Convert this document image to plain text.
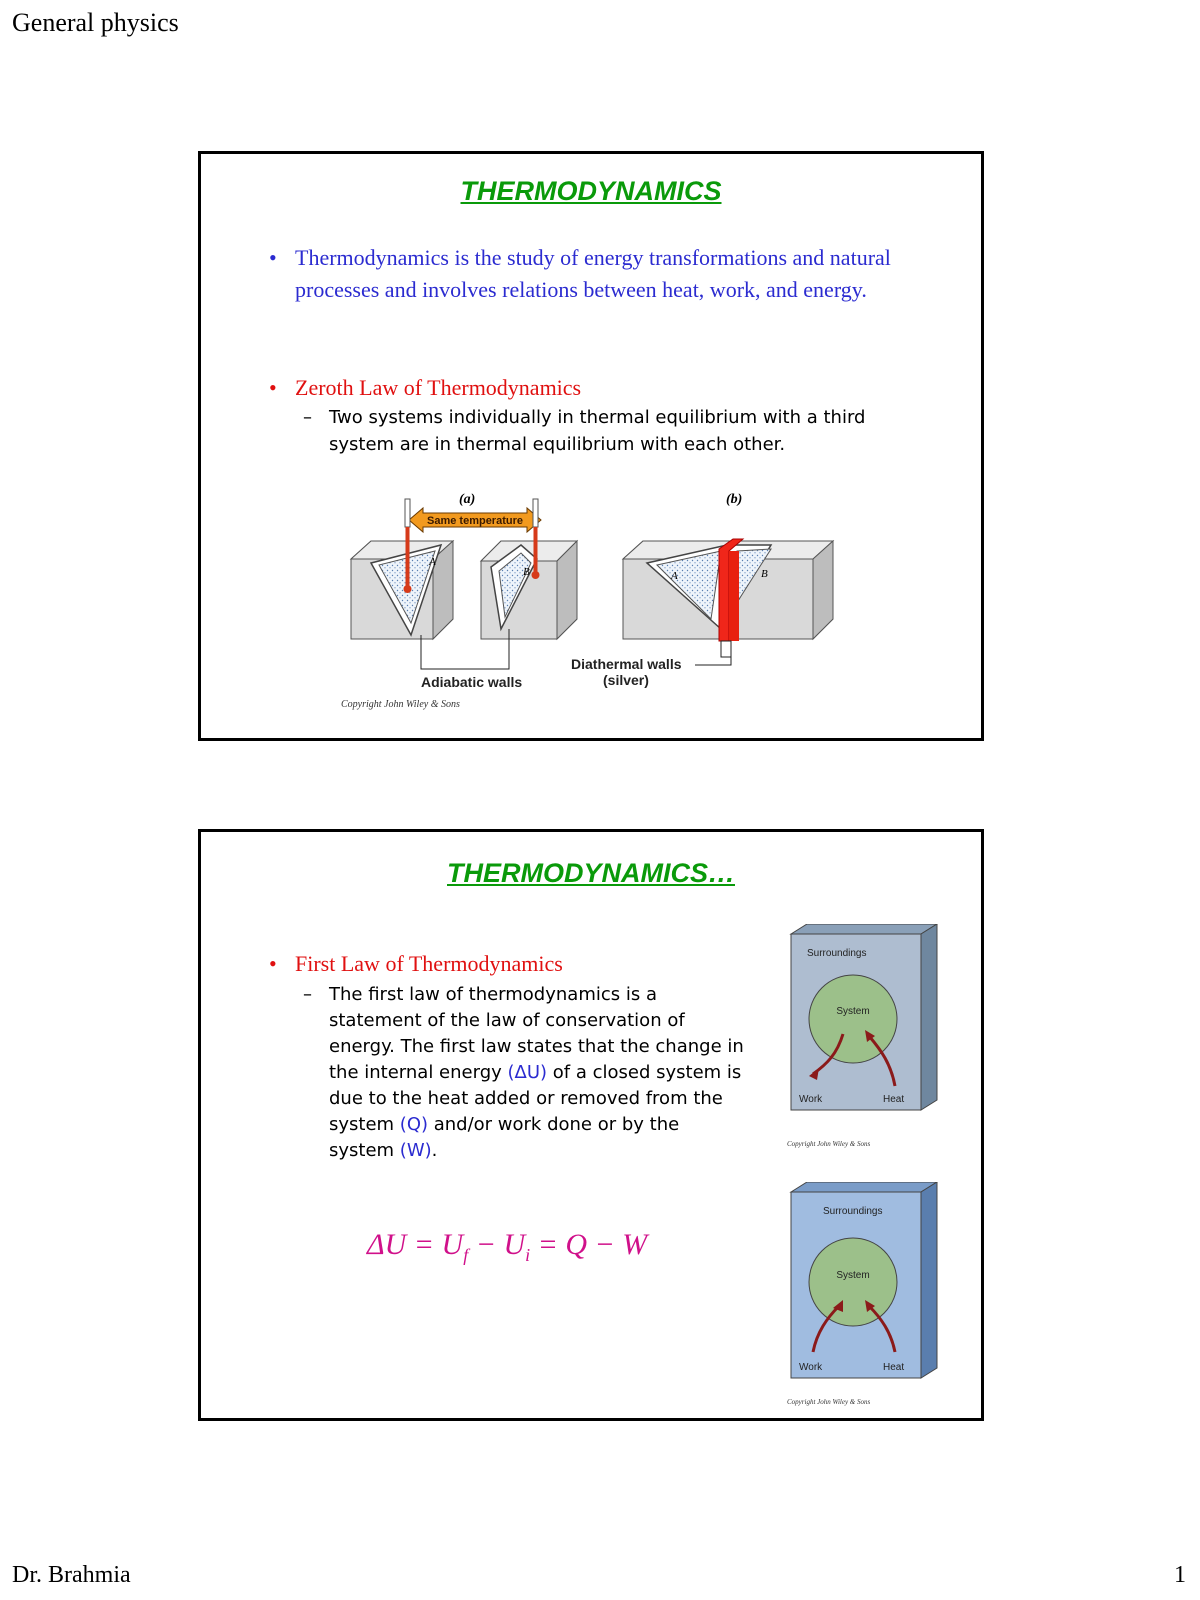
General physics
THERMODYNAMICS
• Thermodynamics is the study of energy transformations and natural processes and involves relations between heat, work, and energy.
• Zeroth Law of Thermodynamics
– Two systems individually in thermal equilibrium with a third system are in thermal equilibrium with each other.
(a)	(b)
Same temperature
A
B
Adiabatic walls
A	B
Diathermal walls
(silver)
Copyright John Wiley & Sons
THERMODYNAMICS…
• First Law of Thermodynamics
– The first law of thermodynamics is a statement of the law of conservation of energy. The first law states that the change in the internal energy (ΔU) of a closed system is due to the heat added or removed from the system (Q) and/or work done or by the system (W).
$\Delta U = U_f - U_i = Q - W$
Surroundings
System
Work	Heat
Copyright John Wiley & Sons
Surroundings
System
Work	Heat
Copyright John Wiley & Sons
Dr. Brahmia	1
